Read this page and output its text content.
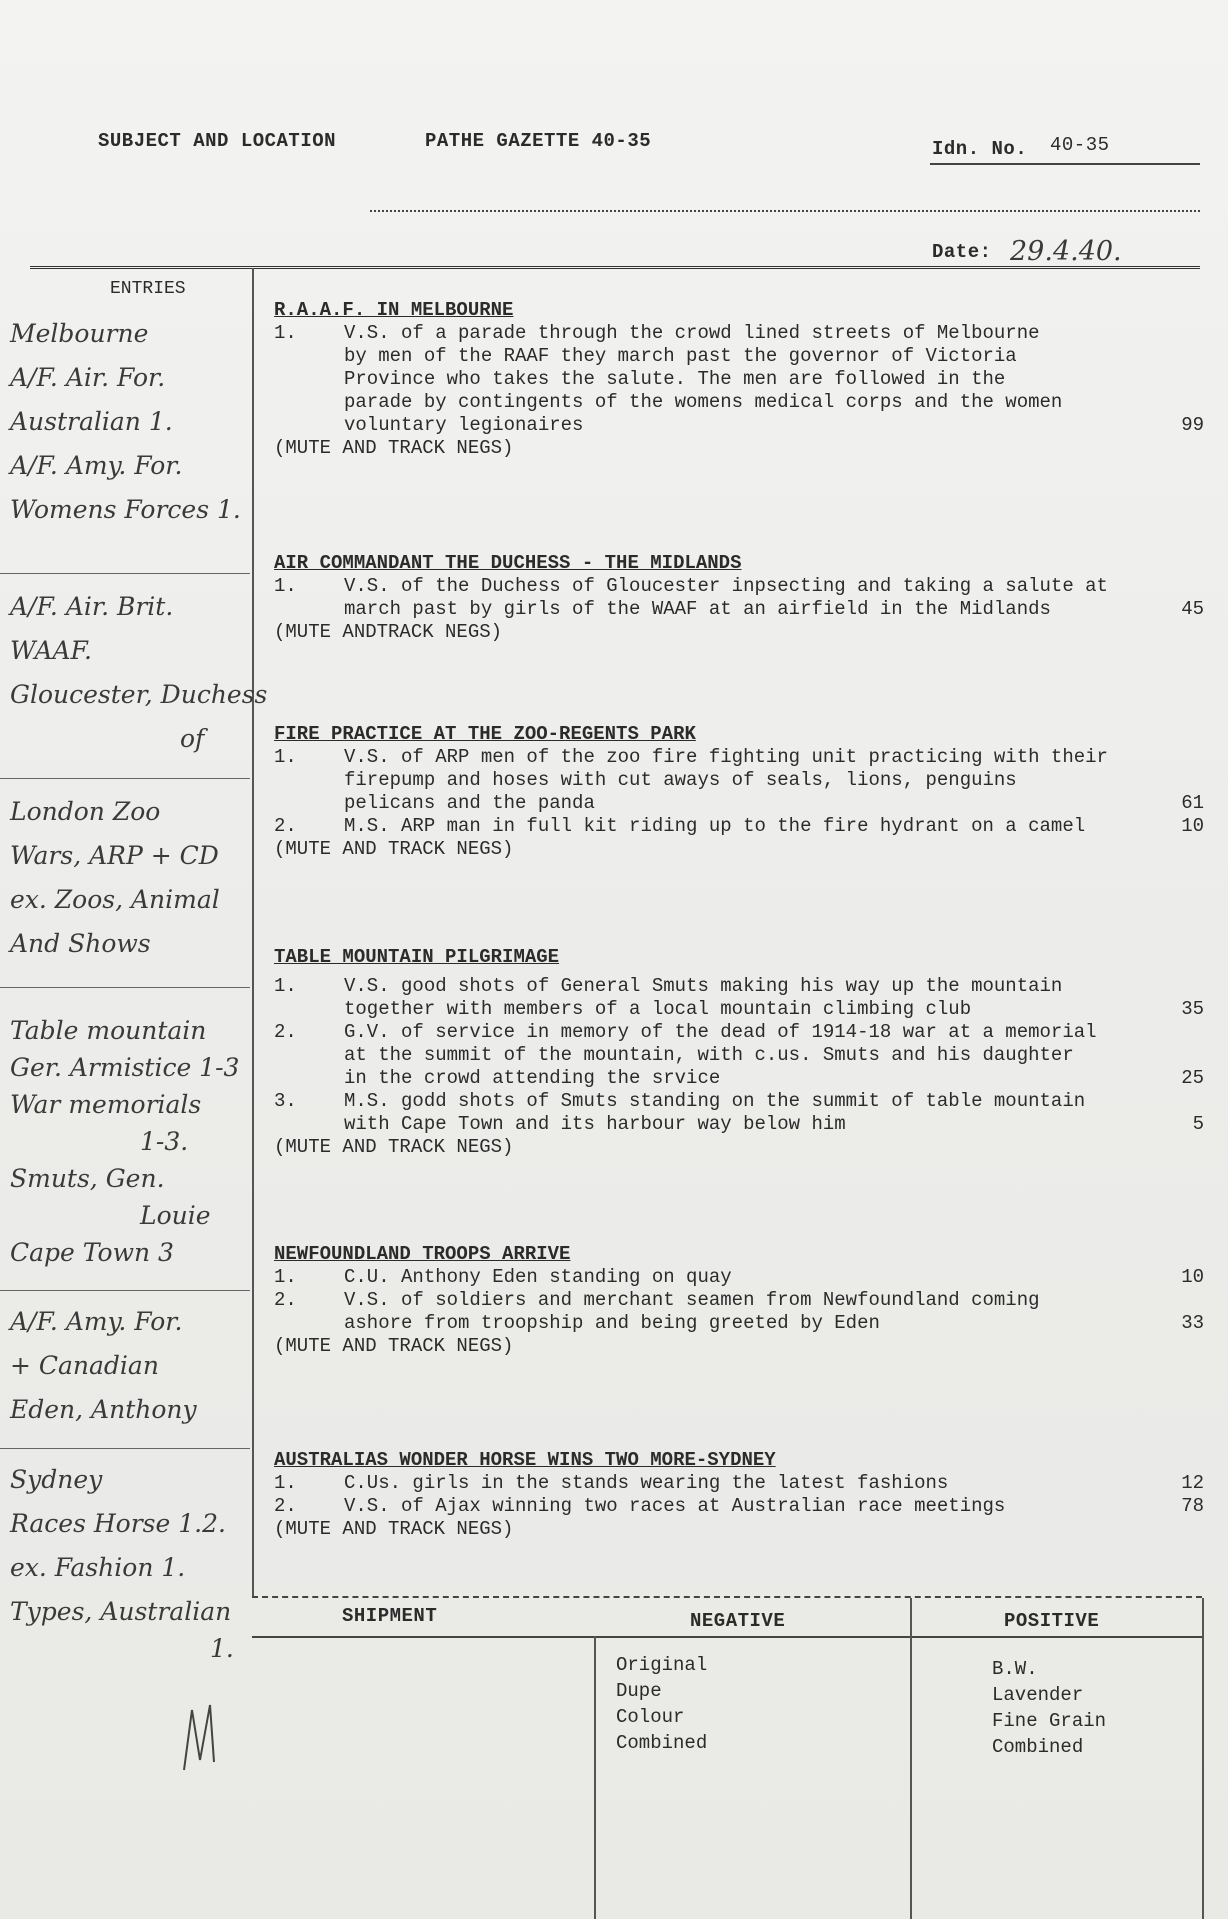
SUBJECT AND LOCATION	PATHE GAZETTE 40-35	Idn. No. 40-35
Date: 29.4.40.
ENTRIES
Melbourne
A/F. Air. For.
Australian 1.
A/F. Amy. For.
Womens Forces 1.
A/F. Air. Brit.
WAAF.
Gloucester, Duchess
of
London Zoo
Wars, ARP + CD
ex. Zoos, Animal
And Shows
Table mountain
Ger. Armistice 1-3
War memorials
1-3.
Smuts, Gen.
Louie
Cape Town 3
A/F. Amy. For.
+ Canadian
Eden, Anthony
Sydney
Races Horse 1.2.
ex. Fashion 1.
Types, Australian
1.
R.A.A.F. IN MELBOURNE
1.	V.S. of a parade through the crowd lined streets of Melbourne
by men of the RAAF they march past the governor of Victoria
Province who takes the salute. The men are followed in the
parade by contingents of the womens medical corps and the women
voluntary legionaires	99
(MUTE AND TRACK NEGS)
AIR COMMANDANT THE DUCHESS - THE MIDLANDS
1.	V.S. of the Duchess of Gloucester inpsecting and taking a salute at
march past by girls of the WAAF at an airfield in the Midlands	45
(MUTE ANDTRACK NEGS)
FIRE PRACTICE AT THE ZOO-REGENTS PARK
1.	V.S. of ARP men of the zoo fire fighting unit practicing with their
firepump and hoses with cut aways of seals, lions, penguins
pelicans and the panda	61
2.	M.S. ARP man in full kit riding up to the fire hydrant on a camel	10
(MUTE AND TRACK NEGS)
TABLE MOUNTAIN PILGRIMAGE
1.	V.S. good shots of General Smuts making his way up the mountain
together with members of a local mountain climbing club	35
2.	G.V. of service in memory of the dead of 1914-18 war at a memorial
at the summit of the mountain, with c.us. Smuts and his daughter
in the crowd attending the srvice	25
3.	M.S. godd shots of Smuts standing on the summit of table mountain
with Cape Town and its harbour way below him	5
(MUTE AND TRACK NEGS)
NEWFOUNDLAND TROOPS ARRIVE
1.	C.U. Anthony Eden standing on quay	10
2.	V.S. of soldiers and merchant seamen from Newfoundland coming
ashore from troopship and being greeted by Eden	33
(MUTE AND TRACK NEGS)
AUSTRALIAS WONDER HORSE WINS TWO MORE-SYDNEY
1.	C.Us. girls in the stands wearing the latest fashions	12
2.	V.S. of Ajax winning two races at Australian race meetings	78
(MUTE AND TRACK NEGS)
SHIPMENT	NEGATIVE	POSITIVE
Original
Dupe
Colour
Combined
B.W.
Lavender
Fine Grain
Combined
